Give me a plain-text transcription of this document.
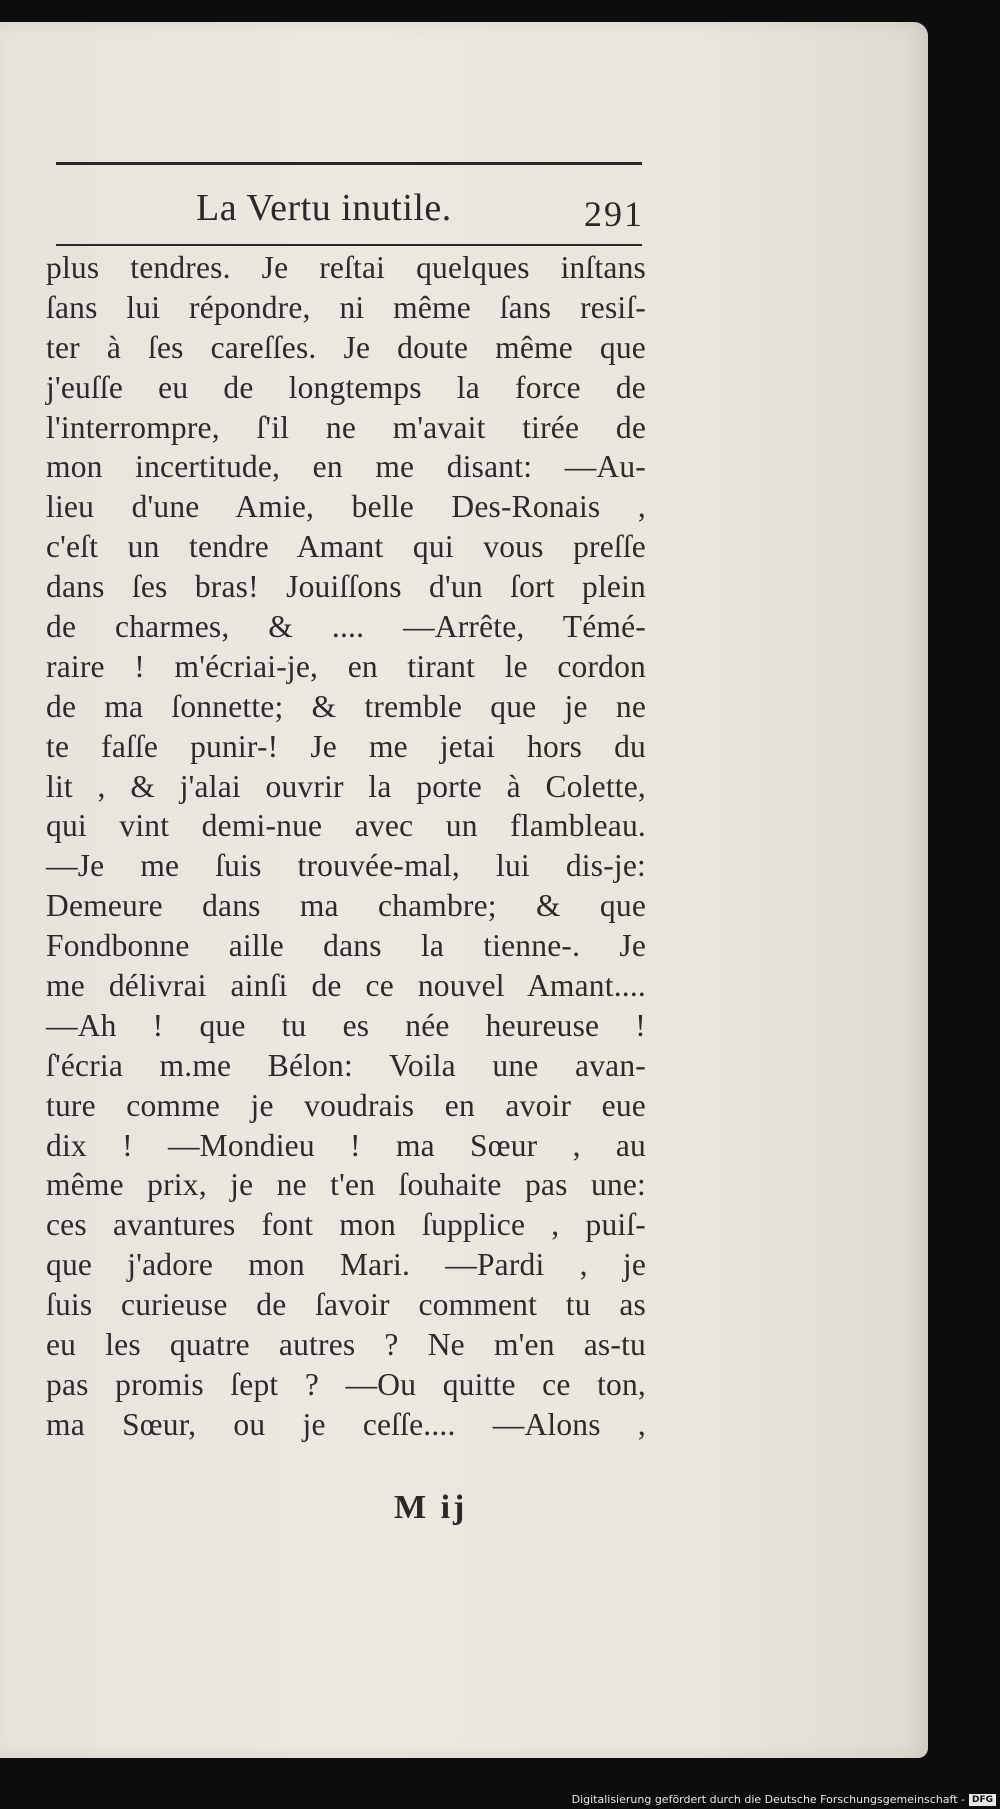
La Vertu inutile.	291
plus tendres. Je reſtai quelques inſtans
ſans lui répondre, ni même ſans resiſ-
ter à ſes careſſes. Je doute même que
j'euſſe eu de longtemps la force de
l'interrompre, ſ'il ne m'avait tirée de
mon incertitude, en me disant: —Au-
lieu d'une Amie, belle Des-Ronais ,
c'eſt un tendre Amant qui vous preſſe
dans ſes bras! Jouiſſons d'un ſort plein
de charmes, & .... —Arrête, Témé-
raire ! m'écriai-je, en tirant le cordon
de ma ſonnette; & tremble que je ne
te faſſe punir-! Je me jetai hors du
lit , & j'alai ouvrir la porte à Colette,
qui vint demi-nue avec un flambleau.
—Je me ſuis trouvée-mal, lui dis-je:
Demeure dans ma chambre; & que
Fondbonne aille dans la tienne-. Je
me délivrai ainſi de ce nouvel Amant....
—Ah ! que tu es née heureuse !
ſ'écria m.me Bélon: Voila une avan-
ture comme je voudrais en avoir eue
dix ! —Mondieu ! ma Sœur , au
même prix, je ne t'en ſouhaite pas une:
ces avantures font mon ſupplice , puiſ-
que j'adore mon Mari. —Pardi , je
ſuis curieuse de ſavoir comment tu as
eu les quatre autres ? Ne m'en as-tu
pas promis ſept ? —Ou quitte ce ton,
ma Sœur, ou je ceſſe.... —Alons ,
M ij
Digitalisierung gefördert durch die Deutsche Forschungsgemeinschaft - DFG
